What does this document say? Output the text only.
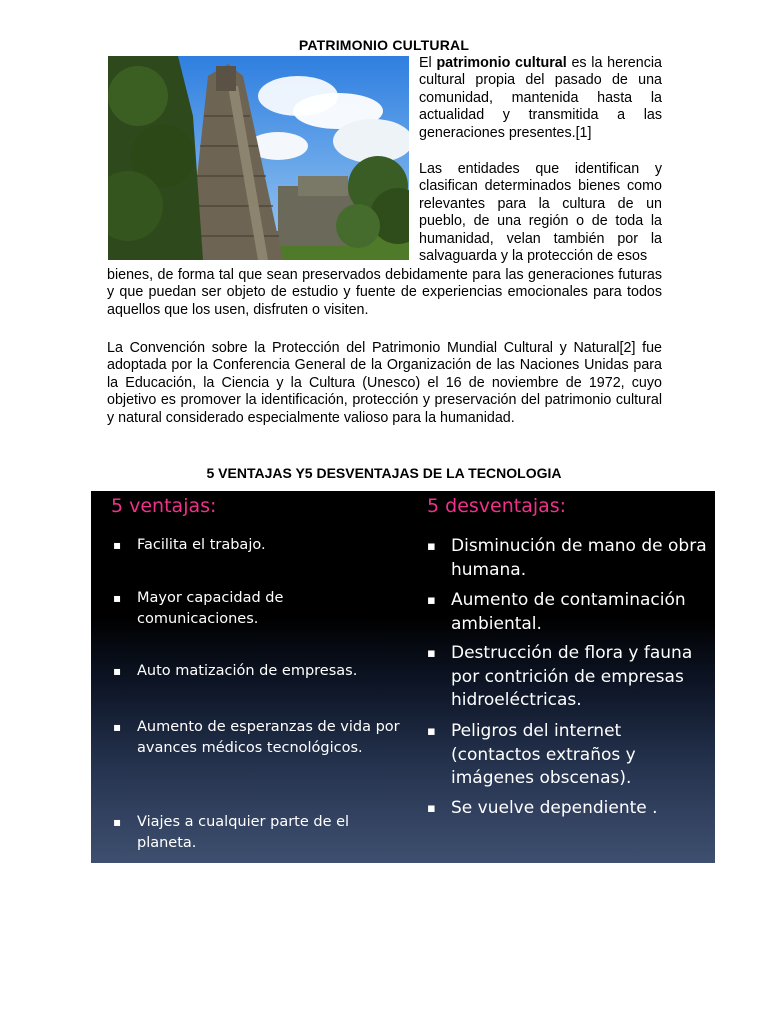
PATRIMONIO CULTURAL
El patrimonio cultural es la herencia cultural propia del pasado de una comunidad, mantenida hasta la actualidad y transmitida a las generaciones presentes.[1]
Las entidades que identifican y clasifican determinados bienes como relevantes para la cultura de un pueblo, de una región o de toda la humanidad, velan también por la salvaguarda y la protección de esos
bienes, de forma tal que sean preservados debidamente para las generaciones futuras y que puedan ser objeto de estudio y fuente de experiencias emocionales para todos aquellos que los usen, disfruten o visiten.
La Convención sobre la Protección del Patrimonio Mundial Cultural y Natural[2] fue adoptada por la Conferencia General de la Organización de las Naciones Unidas para la Educación, la Ciencia y la Cultura (Unesco) el 16 de noviembre de 1972, cuyo objetivo es promover la identificación, protección y preservación del patrimonio cultural y natural considerado especialmente valioso para la humanidad.
5 VENTAJAS Y5 DESVENTAJAS DE LA TECNOLOGIA
5 ventajas:	5 desventajas:
▪ Facilita el trabajo.
▪ Mayor capacidad de comunicaciones.
▪ Auto matización de empresas.
▪ Aumento de esperanzas de vida por avances médicos tecnológicos.
▪ Viajes a cualquier parte de el planeta.
▪ Disminución de mano de obra humana.
▪ Aumento de contaminación ambiental.
▪ Destrucción de flora y fauna por contrición de empresas hidroeléctricas.
▪ Peligros del internet (contactos extraños y imágenes obscenas).
▪ Se vuelve dependiente .
